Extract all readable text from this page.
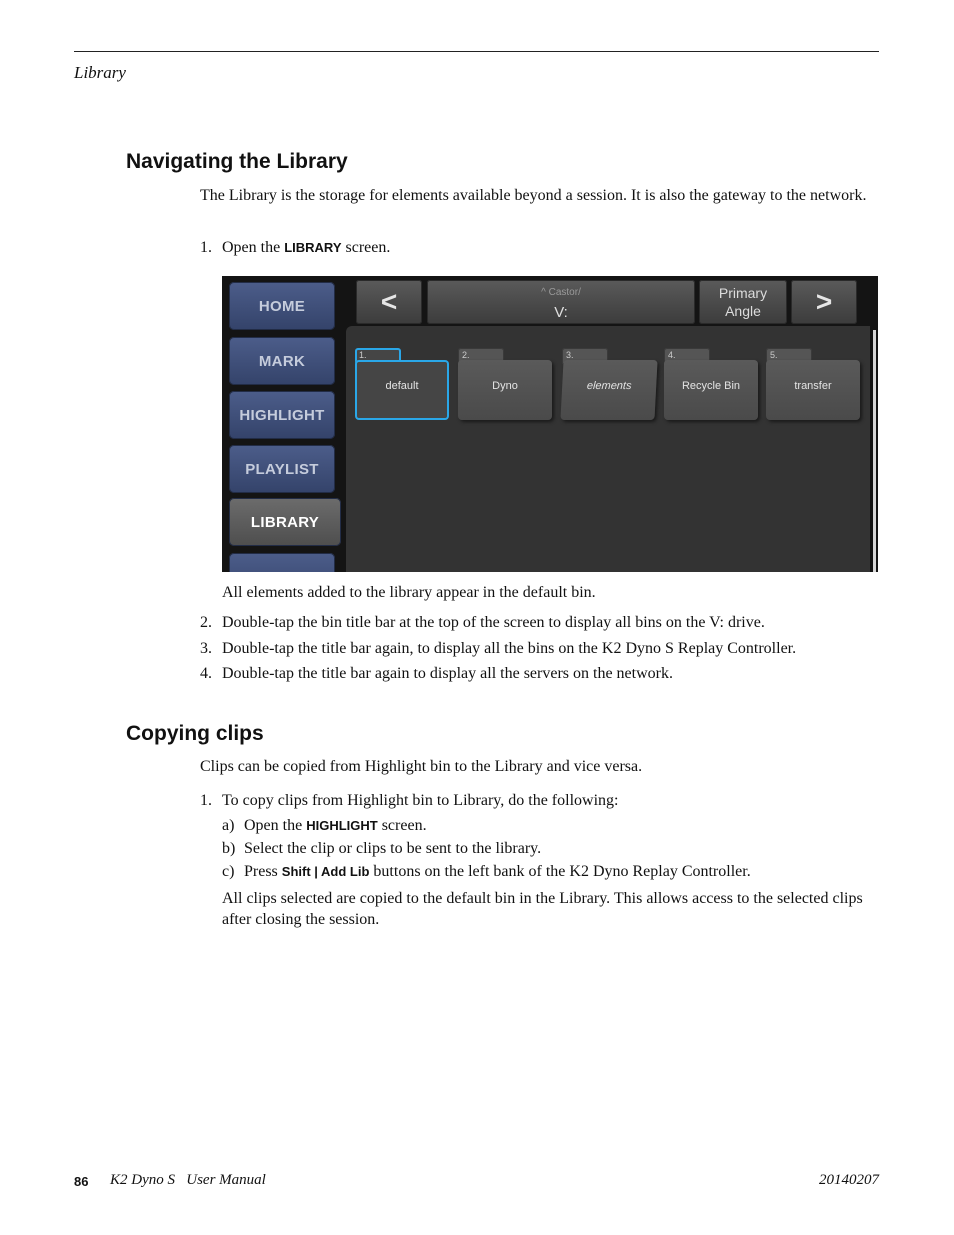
Library
Navigating the Library
The Library is the storage for elements available beyond a session. It is also the gateway to the network.
1. Open the LIBRARY screen.
HOME
MARK
HIGHLIGHT
PLAYLIST
LIBRARY
<	^ Castor/
V:
Primary
Angle >
1.
default
2.
Dyno
3.
elements
4.
Recycle Bin
5.
transfer
All elements added to the library appear in the default bin.
2. Double-tap the bin title bar at the top of the screen to display all bins on the V: drive.
3. Double-tap the title bar again, to display all the bins on the K2 Dyno S Replay Controller.
4. Double-tap the title bar again to display all the servers on the network.
Copying clips
Clips can be copied from Highlight bin to the Library and vice versa.
1. To copy clips from Highlight bin to Library, do the following:
a) Open the HIGHLIGHT screen.
b) Select the clip or clips to be sent to the library.
c) Press Shift | Add Lib buttons on the left bank of the K2 Dyno Replay Controller.
All clips selected are copied to the default bin in the Library. This allows access to the selected clips after closing the session.
86 K2 Dyno S   User Manual	20140207
